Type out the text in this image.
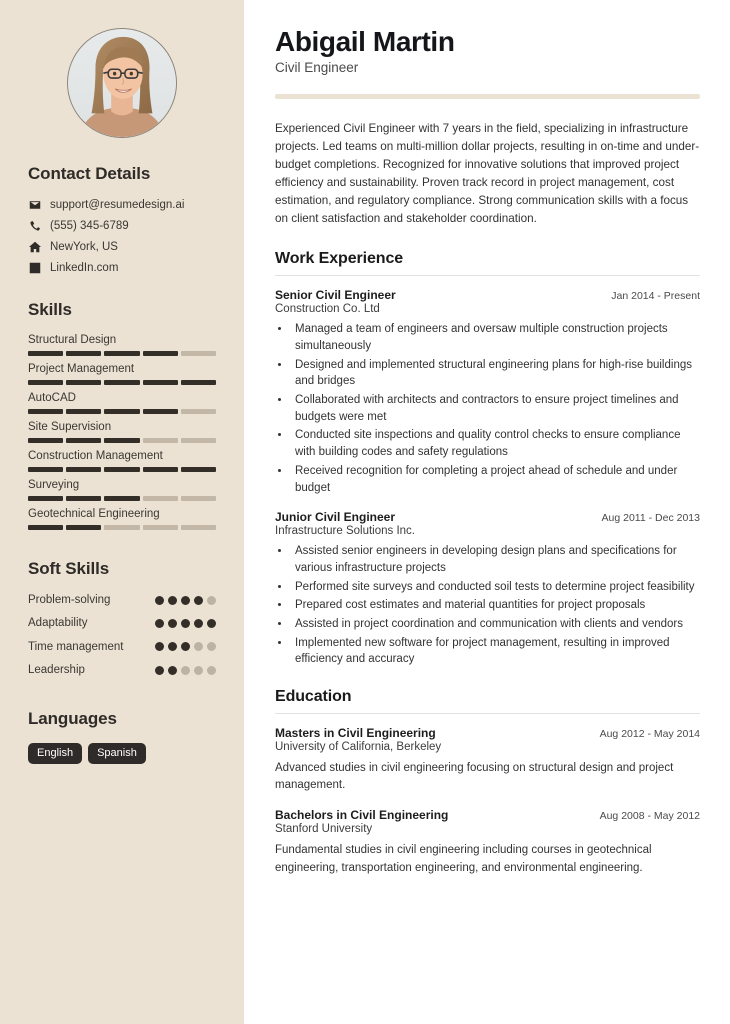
Contact Details
support@resumedesign.ai
(555) 345-6789
NewYork, US
LinkedIn.com
Skills
Structural Design
Project Management
AutoCAD
Site Supervision
Construction Management
Surveying
Geotechnical Engineering
Soft Skills
Problem-solving
Adaptability
Time management
Leadership
Languages
English	Spanish
Abigail Martin
Civil Engineer

Experienced Civil Engineer with 7 years in the field, specializing in infrastructure projects. Led teams on multi-million dollar projects, resulting in on-time and under-budget completions. Recognized for innovative solutions that improved project efficiency and sustainability. Proven track record in project management, cost estimation, and regulatory compliance. Strong communication skills with a focus on client satisfaction and stakeholder coordination.

Work Experience
Senior Civil Engineer	Jan 2014 - Present
Construction Co. Ltd
• Managed a team of engineers and oversaw multiple construction projects simultaneously
• Designed and implemented structural engineering plans for high-rise buildings and bridges
• Collaborated with architects and contractors to ensure project timelines and budgets were met
• Conducted site inspections and quality control checks to ensure compliance with building codes and safety regulations
• Received recognition for completing a project ahead of schedule and under budget
Junior Civil Engineer	Aug 2011 - Dec 2013
Infrastructure Solutions Inc.
• Assisted senior engineers in developing design plans and specifications for various infrastructure projects
• Performed site surveys and conducted soil tests to determine project feasibility
• Prepared cost estimates and material quantities for project proposals
• Assisted in project coordination and communication with clients and vendors
• Implemented new software for project management, resulting in improved efficiency and accuracy
Education
Masters in Civil Engineering	Aug 2012 - May 2014
University of California, Berkeley
Advanced studies in civil engineering focusing on structural design and project management.
Bachelors in Civil Engineering	Aug 2008 - May 2012
Stanford University
Fundamental studies in civil engineering including courses in geotechnical engineering, transportation engineering, and environmental engineering.
